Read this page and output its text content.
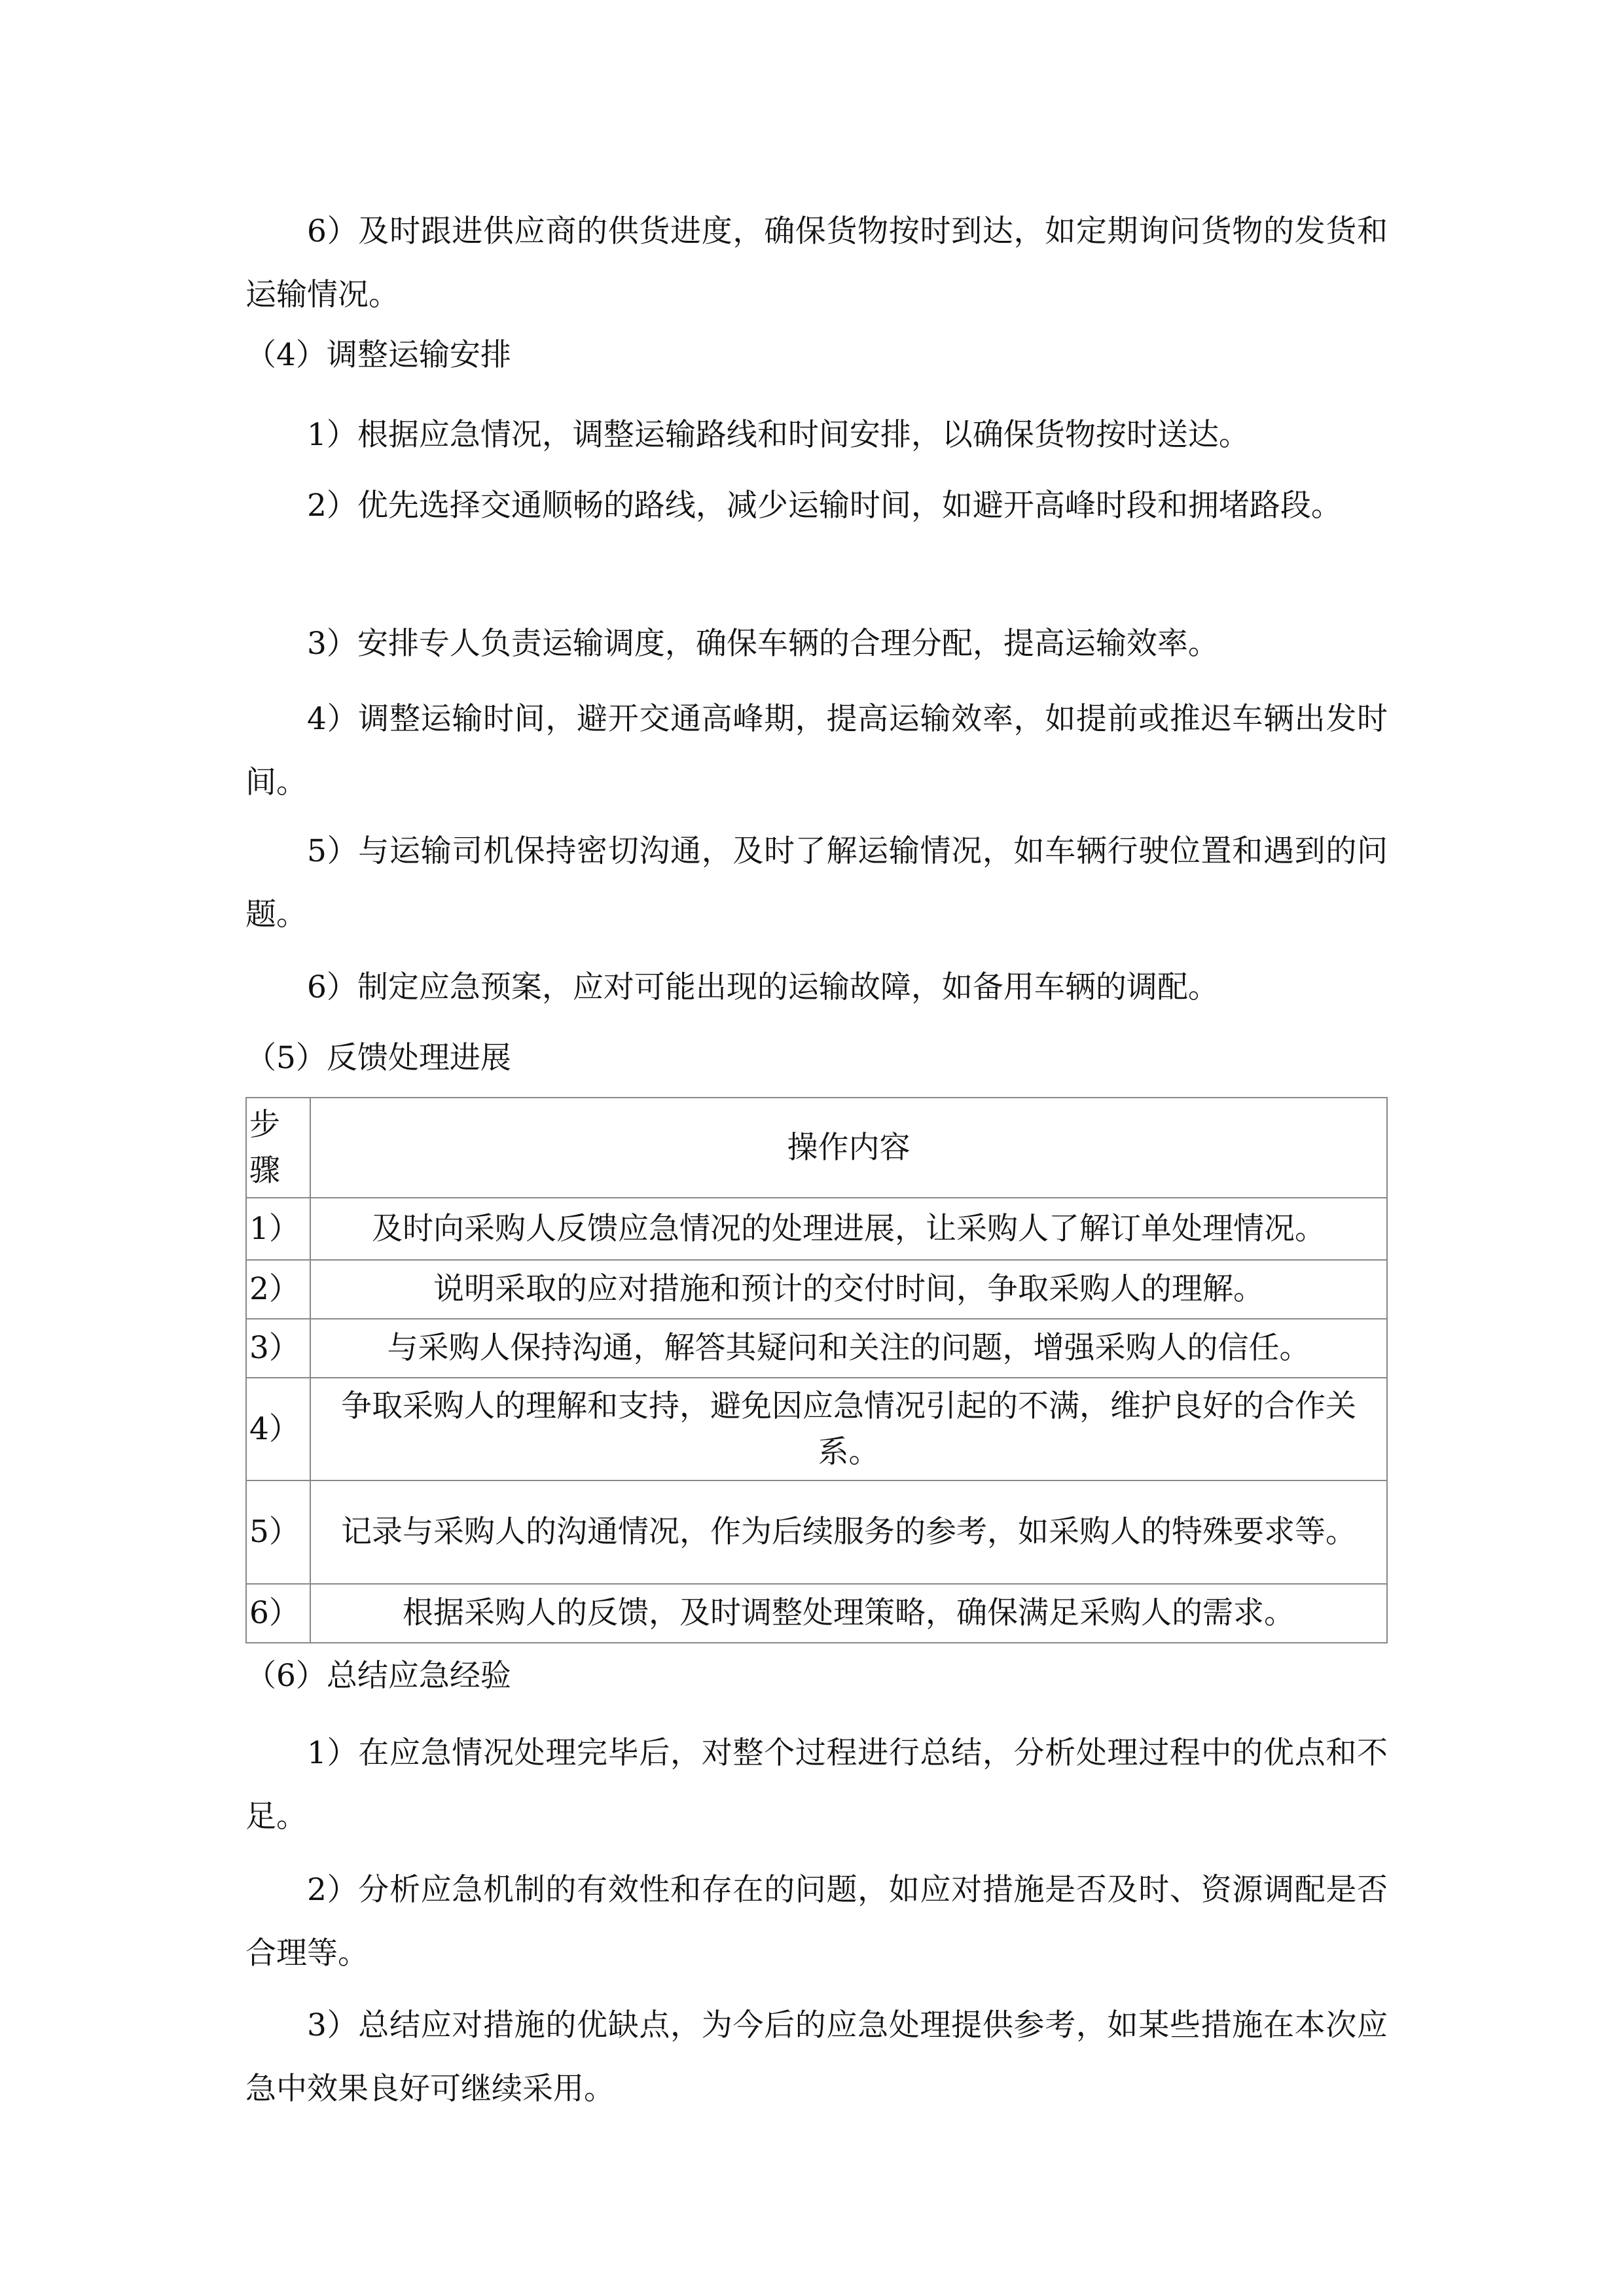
6）及时跟进供应商的供货进度，确保货物按时到达，如定期询问货物的发货和运输情况。
（4）调整运输安排
1）根据应急情况，调整运输路线和时间安排，以确保货物按时送达。
2）优先选择交通顺畅的路线，减少运输时间，如避开高峰时段和拥堵路段。
3）安排专人负责运输调度，确保车辆的合理分配，提高运输效率。
4）调整运输时间，避开交通高峰期，提高运输效率，如提前或推迟车辆出发时间。
5）与运输司机保持密切沟通，及时了解运输情况，如车辆行驶位置和遇到的问题。
6）制定应急预案，应对可能出现的运输故障，如备用车辆的调配。
（5）反馈处理进展
步骤	操作内容
1）	及时向采购人反馈应急情况的处理进展，让采购人了解订单处理情况。
2）	说明采取的应对措施和预计的交付时间，争取采购人的理解。
3）	与采购人保持沟通，解答其疑问和关注的问题，增强采购人的信任。
4）	争取采购人的理解和支持，避免因应急情况引起的不满，维护良好的合作关系。
5）	记录与采购人的沟通情况，作为后续服务的参考，如采购人的特殊要求等。
6）	根据采购人的反馈，及时调整处理策略，确保满足采购人的需求。
（6）总结应急经验
1）在应急情况处理完毕后，对整个过程进行总结，分析处理过程中的优点和不足。
2）分析应急机制的有效性和存在的问题，如应对措施是否及时、资源调配是否合理等。
3）总结应对措施的优缺点，为今后的应急处理提供参考，如某些措施在本次应急中效果良好可继续采用。
